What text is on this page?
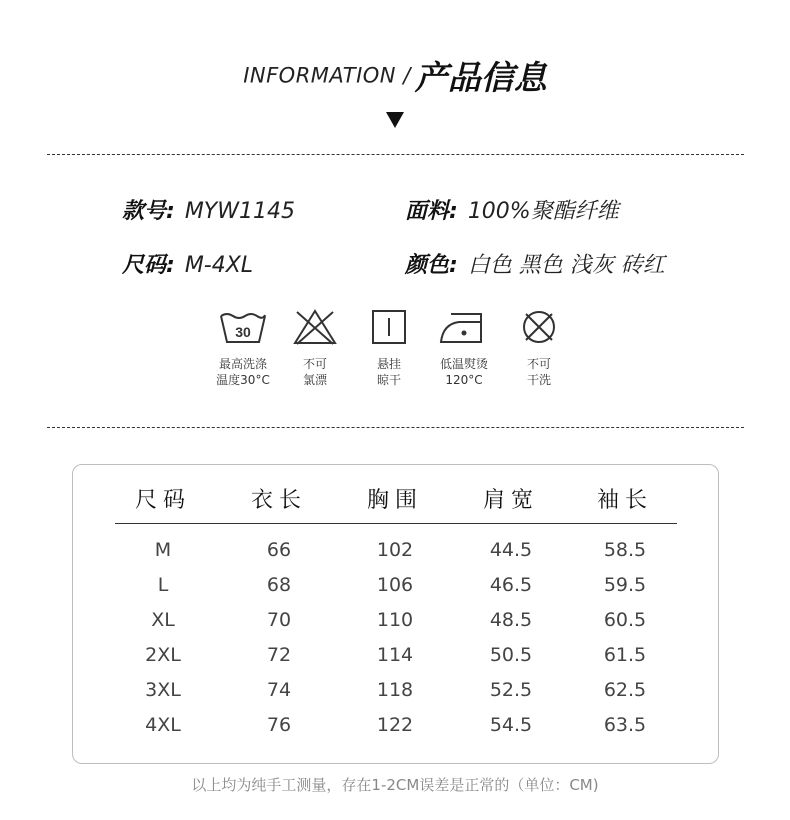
INFORMATION / 产品信息
款号: MYW1145	面料: 100%聚酯纤维
尺码: M-4XL	颜色: 白色 黑色 浅灰 砖红
30
最高洗涤
温度30°C
不可
氯漂
悬挂
晾干
低温熨烫
120°C
不可
干洗
尺码	衣长	胸围	肩宽	袖长
M	66	102	44.5	58.5
L	68	106	46.5	59.5
XL	70	110	48.5	60.5
2XL	72	114	50.5	61.5
3XL	74	118	52.5	62.5
4XL	76	122	54.5	63.5
以上均为纯手工测量，存在1-2CM误差是正常的（单位：CM)
